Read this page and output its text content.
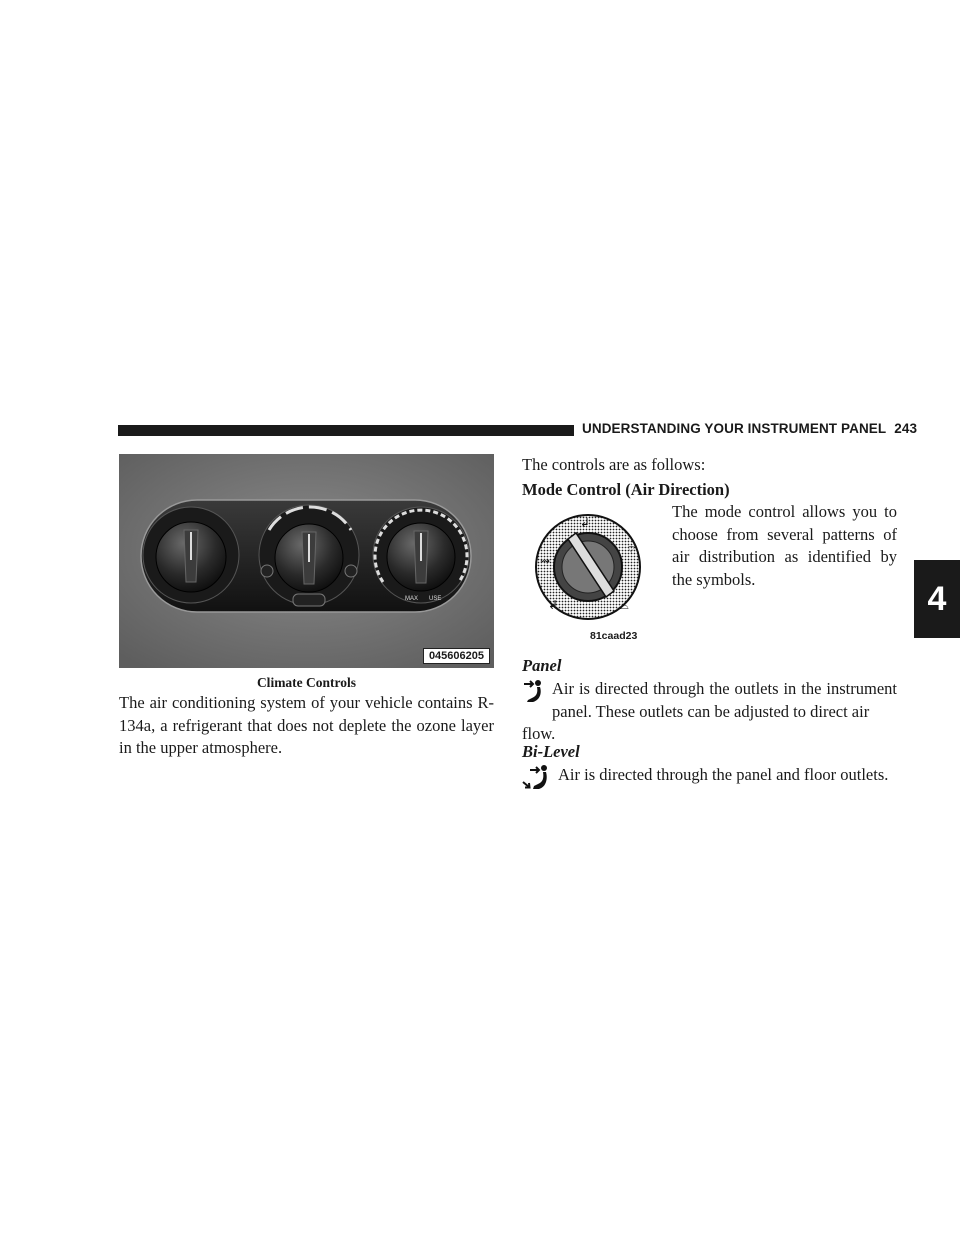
UNDERSTANDING YOUR INSTRUMENT PANEL 243
4
MAX USE
045606205
Climate Controls
The air conditioning system of your vehicle contains R-134a, a refrigerant that does not deplete the ozone layer in the upper atmosphere.
The controls are as follows:
Mode Control (Air Direction)
↲
⇝
↲
⌔
⌓
81caad23
The mode control allows you to choose from several patterns of air distribution as identified by the symbols.
Panel
Air is directed through the outlets in the instrument panel. These outlets can be adjusted to direct air
flow.
Bi-Level
Air is directed through the panel and floor outlets.
